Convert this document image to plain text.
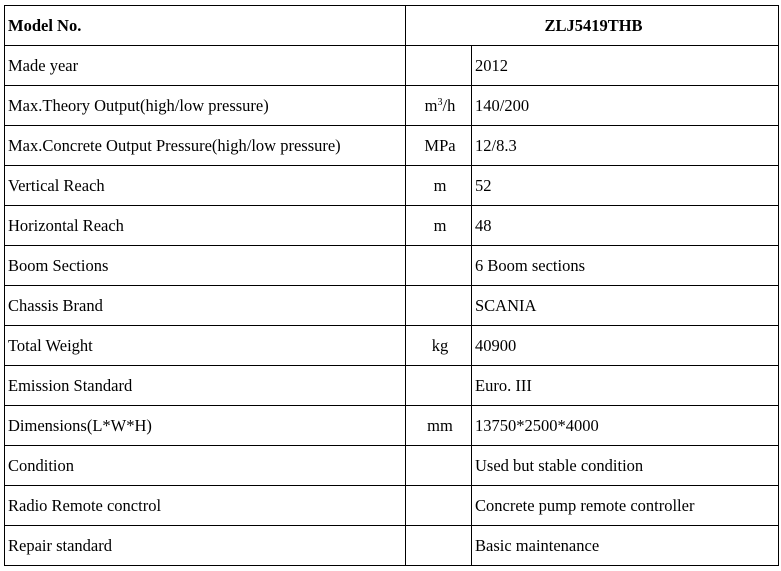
Model No.	ZLJ5419THB	
Made year		2012
Max.Theory Output(high/low pressure)	$m^3/h$	140/200
Max.Concrete Output Pressure(high/low pressure)	MPa	12/8.3
Vertical Reach	m	52
Horizontal Reach	m	48
Boom Sections		6 Boom sections
Chassis Brand		SCANIA
Total Weight	kg	40900
Emission Standard		Euro. III
Dimensions(L*W*H)	mm	13750*2500*4000
Condition		Used but stable condition
Radio Remote conctrol		Concrete pump remote controller
Repair standard		Basic maintenance
